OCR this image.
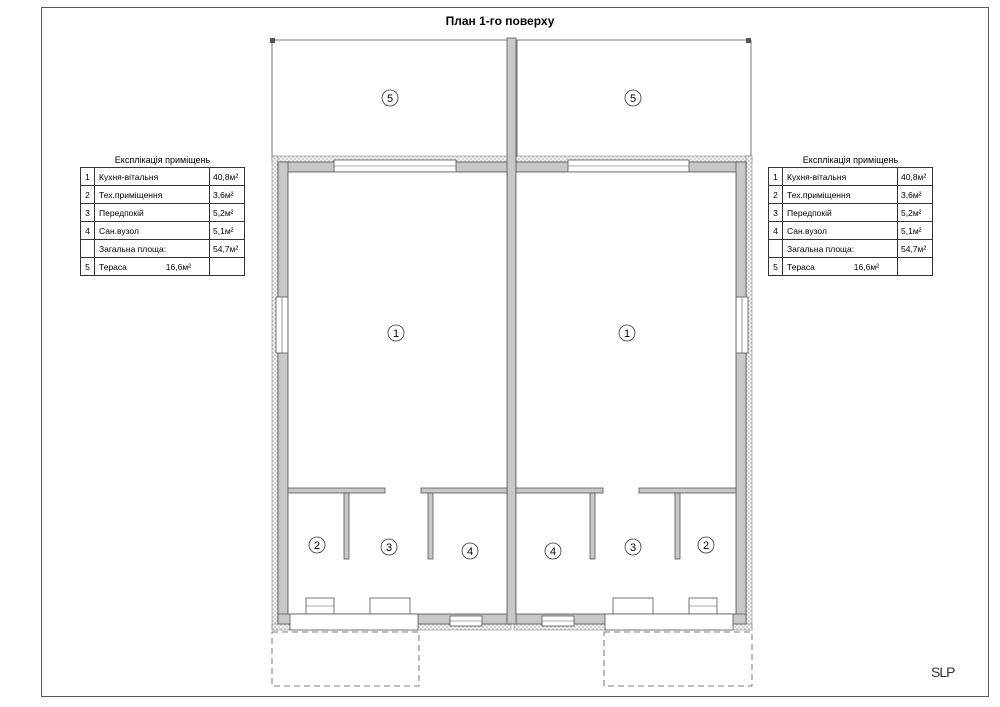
План 1-го поверху
5
1
2	3	4
5
1
4	3	2
Експлікація приміщень
1	Кухня-вітальня	40,8м²
2	Тех.приміщення	3,6м²
3	Передпокій	5,2м²
4	Сан.вузол	5,1м²
	Загальна площа:	54,7м²
5	Тераса 16,6м²	

Експлікація приміщень
1	Кухня-вітальня	40,8м²
2	Тех.приміщення	3,6м²
3	Передпокій	5,2м²
4	Сан.вузол	5,1м²
	Загальна площа:	54,7м²
5	Тераса 16,6м²	

SLP
